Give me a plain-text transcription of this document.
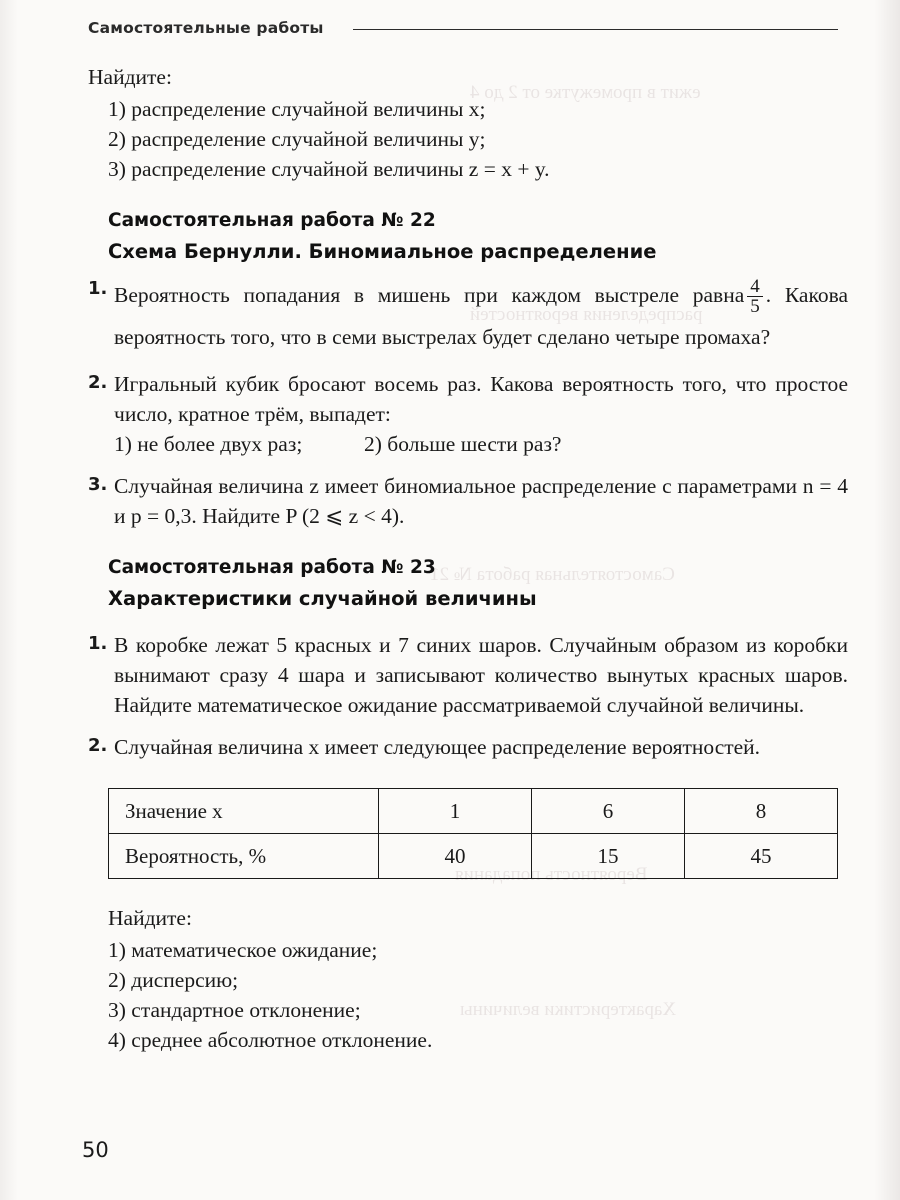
ежит в промежутке от 2 до 4
распределения вероятностей
Самостоятельная работа № 21
Вероятность попадания
Характеристики величины
Самостоятельные работы

Найдите:

1) распределение случайной величины x;

2) распределение случайной величины y;

3) распределение случайной величины z = x + y.

Самостоятельная работа № 22
Схема Бернулли. Биномиальное распределение
1. Вероятность попадания в мишень при каждом выстреле равна $\frac{4}{5}$ . Какова вероятность того, что в семи выстрелах будет сделано четыре промаха?
2. Игральный кубик бросают восемь раз. Какова вероятность того, что простое число, кратное трём, выпадет:
1) не более двух раз;	2) больше шести раз?
3. Случайная величина z имеет биномиальное распределение с параметрами n = 4 и p = 0,3. Найдите P (2 ⩽ z < 4).
Самостоятельная работа № 23
Характеристики случайной величины
1. В коробке лежат 5 красных и 7 синих шаров. Случайным образом из коробки вынимают сразу 4 шара и записывают количество вынутых красных шаров. Найдите математическое ожидание рассматриваемой случайной величины.
2. Случайная величина x имеет следующее распределение вероятностей.
Значение x	1	6	8
Вероятность, %	40	15	45

Найдите:

1) математическое ожидание;

2) дисперсию;

3) стандартное отклонение;

4) среднее абсолютное отклонение.

50
